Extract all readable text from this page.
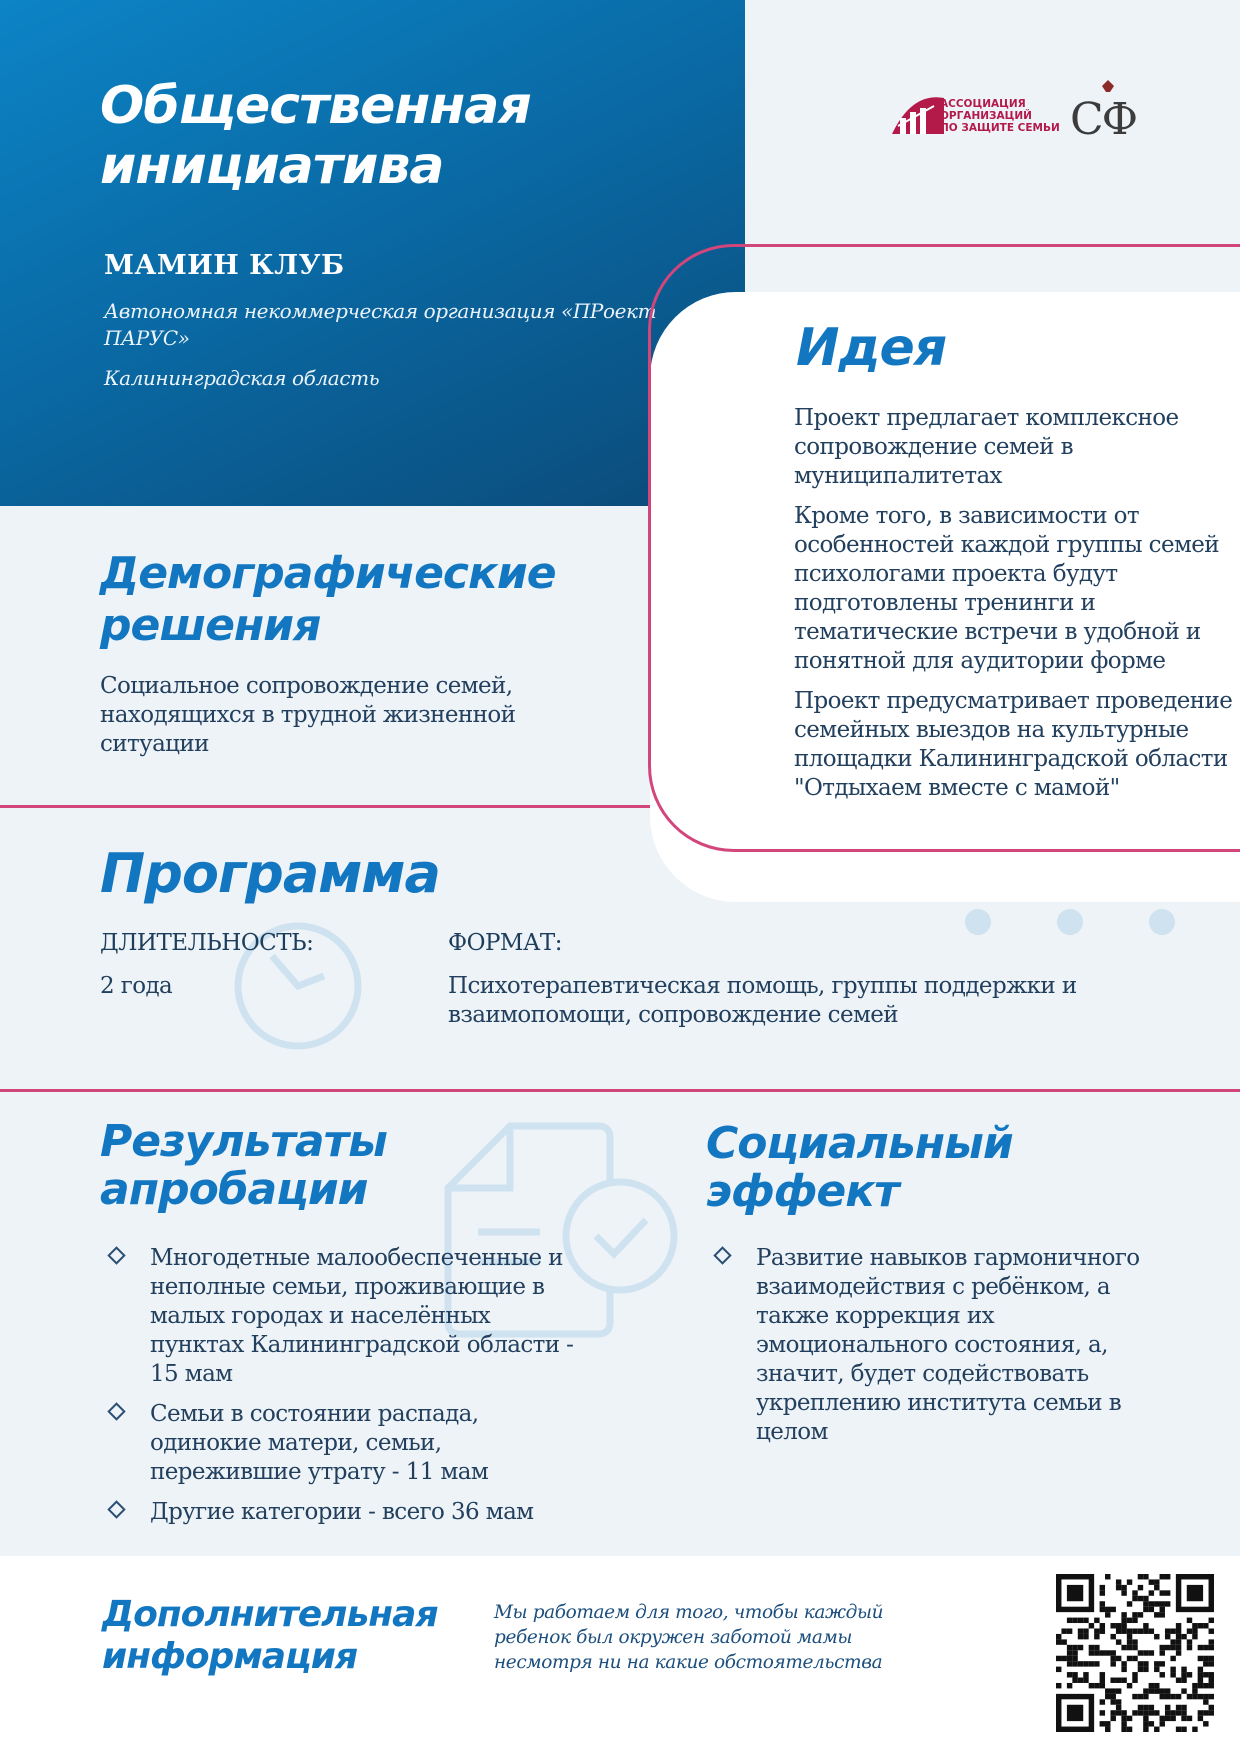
Общественная инициатива
МАМИН КЛУБ
Автономная некоммерческая организация «ПРоект ПАРУС»
Калининградская область
АССОЦИАЦИЯ
ОРГАНИЗАЦИЙ
ПО ЗАЩИТЕ СЕМЬИ СФ
Идея

Проект предлагает комплексное сопровождение семей в муниципалитетах

Кроме того, в зависимости от особенностей каждой группы семей психологами проекта будут подготовлены тренинги и тематические встречи в удобной и понятной для аудитории форме

Проект предусматривает проведение семейных выездов на культурные площадки Калининградской области "Отдыхаем вместе с мамой"

Демографические решения

Социальное сопровождение семей, находящихся в трудной жизненной ситуации

Программа
ДЛИТЕЛЬНОСТЬ:

2 года

ФОРМАТ:

Психотерапевтическая помощь, группы поддержки и взаимопомощи, сопровождение семей

Результаты апробации
Многодетные малообеспеченные и неполные семьи, проживающие в малых городах и населённых пунктах Калининградской области - 15 мам
Семьи в состоянии распада, одинокие матери, семьи, пережившие утрату - 11 мам
Другие категории - всего 36 мам
Социальный эффект
Развитие навыков гармоничного взаимодействия с ребёнком, а также коррекция их эмоционального состояния, а, значит, будет содействовать укреплению института семьи в целом
Дополнительная информация
Мы работаем для того, чтобы каждый ребенок был окружен заботой мамы несмотря ни на какие обстоятельства
